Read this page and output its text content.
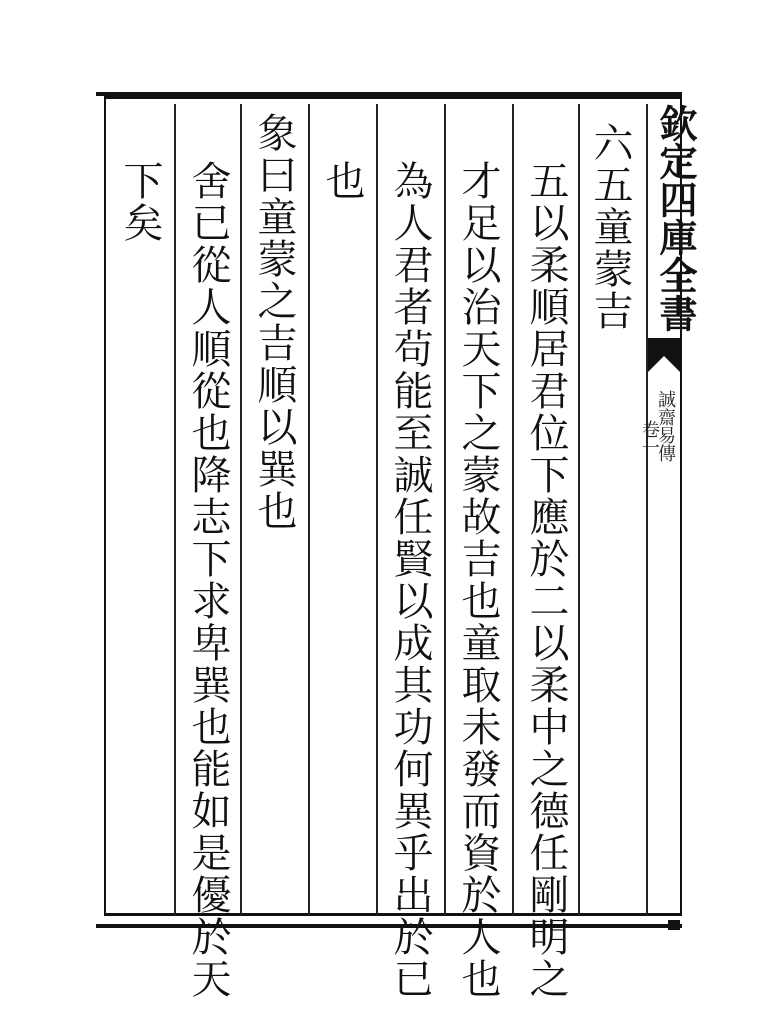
欽定四庫全書
誠齋易傳
卷一
六五童蒙吉
五以柔順居君位下應於二以柔中之德任剛明之
才足以治天下之蒙故吉也童取未發而資於人也
為人君者茍能至誠任賢以成其功何異乎出於已
也
象曰童蒙之吉順以巽也
舍已從人順從也降志下求卑巽也能如是優於天
下矣
